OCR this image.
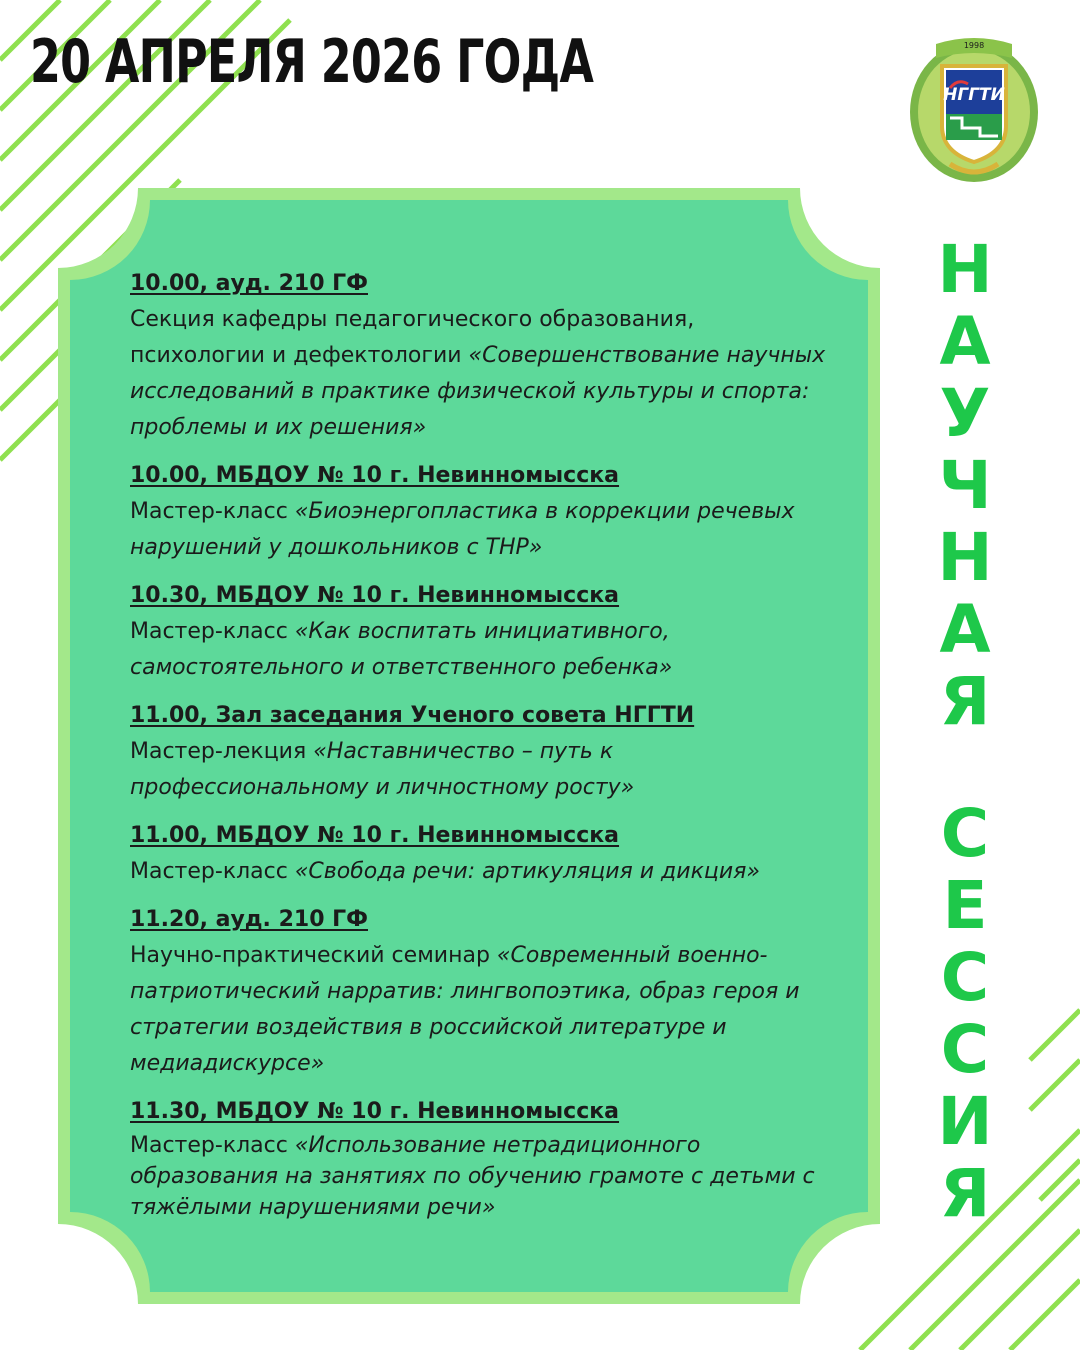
20 АПРЕЛЯ 2026 ГОДА	1998
НГГТИ
Н
А
У
Ч
Н
А
Я
С
Е
С
С
И
Я
10.00, ауд. 210 ГФ
Секция кафедры педагогического образования, психологии и дефектологии «Совершенствование научных исследований в практике физической культуры и спорта: проблемы и их решения»
10.00, МБДОУ № 10 г. Невинномысска
Мастер-класс «Биоэнергопластика в коррекции речевых нарушений у дошкольников с ТНР»
10.30, МБДОУ № 10 г. Невинномысска
Мастер-класс «Как воспитать инициативного, самостоятельного и ответственного ребенка»
11.00, Зал заседания Ученого совета НГГТИ
Мастер-лекция «Наставничество – путь к профессиональному и личностному росту»
11.00, МБДОУ № 10 г. Невинномысска
Мастер-класс «Свобода речи: артикуляция и дикция»
11.20, ауд. 210 ГФ
Научно-практический семинар «Современный военно-патриотический нарратив: лингвопоэтика, образ героя и стратегии воздействия в российской литературе и медиадискурсе»
11.30, МБДОУ № 10 г. Невинномысска
Мастер-класс «Использование нетрадиционного образования на занятиях по обучению грамоте с детьми с тяжёлыми нарушениями речи»
